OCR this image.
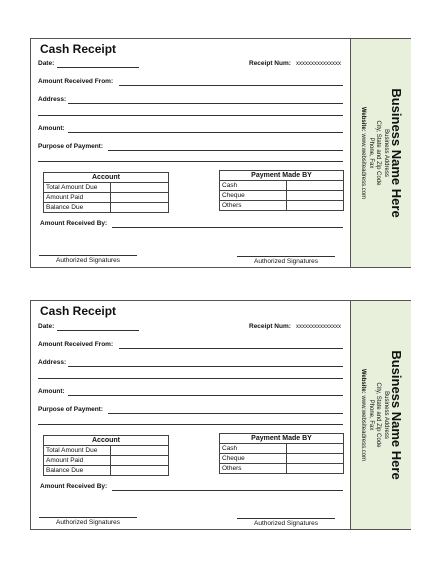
Cash Receipt
Date:	Receipt Num: xxxxxxxxxxxxxxx
Amount Received From:
Address:
Amount:
Purpose of Payment:
Account	
Total Amount Due	
Amount Paid	
Balance Due	
Payment Made BY	
Cash	
Cheque	
Others	
Amount Received By:
Authorized Signatures	Authorized Signatures
Business Name Here
Business Address
City, State and Zip Code
Phone, Fax
Website: www.websiteadress.com
Cash Receipt
Date:	Receipt Num: xxxxxxxxxxxxxxx
Amount Received From:
Address:
Amount:
Purpose of Payment:
Account	
Total Amount Due	
Amount Paid	
Balance Due	
Payment Made BY	
Cash	
Cheque	
Others	
Amount Received By:
Authorized Signatures	Authorized Signatures
Business Name Here
Business Address
City, State and Zip Code
Phone, Fax
Website: www.websiteadress.com
